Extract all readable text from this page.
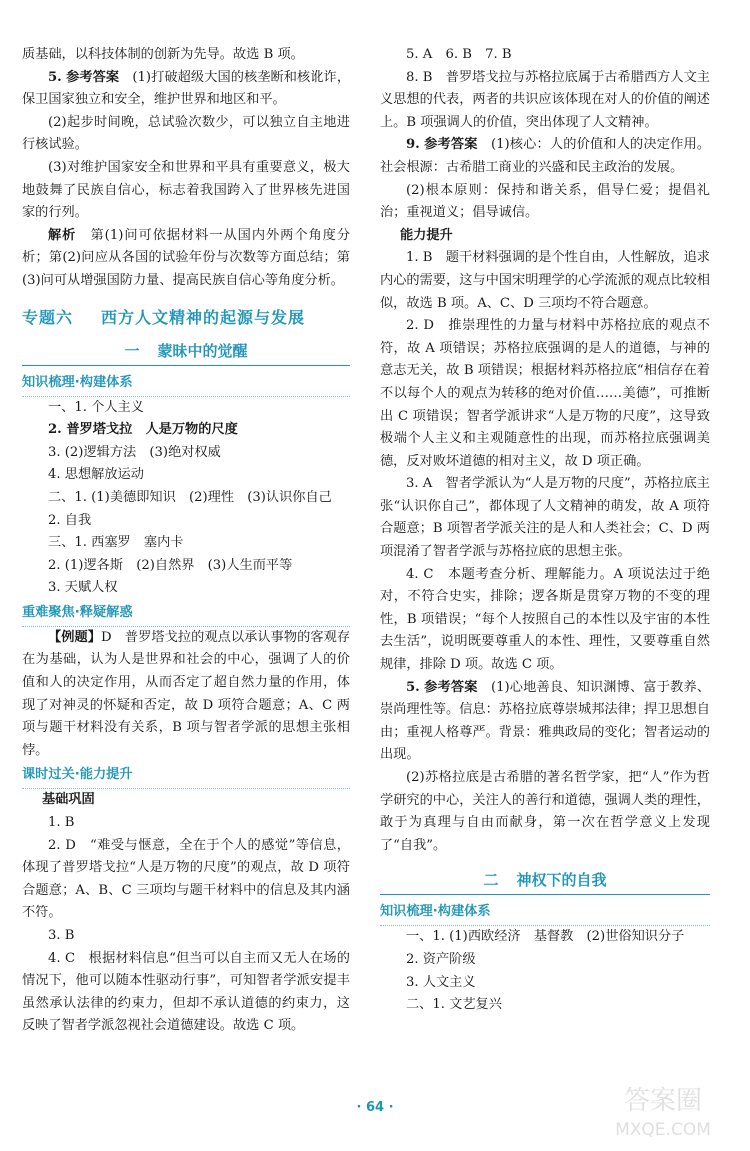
质基础，以科技体制的创新为先导。故选 B 项。

5. 参考答案　 (1)打破超级大国的核垄断和核讹诈，保卫国家独立和安全，维护世界和地区和平。

(2)起步时间晚，总试验次数少，可以独立自主地进行核试验。

(3)对维护国家安全和世界和平具有重要意义，极大地鼓舞了民族自信心，标志着我国跨入了世界核先进国家的行列。

解析　 第(1)问可依据材料一从国内外两个角度分析；第(2)问应从各国的试验年份与次数等方面总结；第(3)问可从增强国防力量、提高民族自信心等角度分析。

专题六 西方人文精神的起源与发展
一 蒙昧中的觉醒
知识梳理·构建体系

一、1. 个人主义

2. 普罗塔戈拉　人是万物的尺度

3. (2)逻辑方法　(3)绝对权威

4. 思想解放运动

二、1. (1)美德即知识　(2)理性　(3)认识你自己

2. 自我

三、1. 西塞罗　塞内卡

2. (1)逻各斯　(2)自然界　(3)人生而平等

3. 天赋人权

重难聚焦·释疑解惑

【例题】D　普罗塔戈拉的观点以承认事物的客观存在为基础，认为人是世界和社会的中心，强调了人的价值和人的决定作用，从而否定了超自然力量的作用，体现了对神灵的怀疑和否定，故 D 项符合题意；A、C 两项与题干材料没有关系，B 项与智者学派的思想主张相悖。

课时过关·能力提升

基础巩固

1. B

2. D　“难受与惬意，全在于个人的感觉”等信息，体现了普罗塔戈拉“人是万物的尺度”的观点，故 D 项符合题意；A、B、C 三项均与题干材料中的信息及其内涵不符。

3. B

4. C　根据材料信息“但当可以自主而又无人在场的情况下，他可以随本性驱动行事”，可知智者学派安提丰虽然承认法律的约束力，但却不承认道德的约束力，这反映了智者学派忽视社会道德建设。故选 C 项。

5. A　6. B　7. B

8. B　普罗塔戈拉与苏格拉底属于古希腊西方人文主义思想的代表，两者的共识应该体现在对人的价值的阐述上。B 项强调人的价值，突出体现了人文精神。

9. 参考答案　 (1)核心：人的价值和人的决定作用。社会根源：古希腊工商业的兴盛和民主政治的发展。

(2)根本原则：保持和谐关系，倡导仁爱；提倡礼治；重视道义；倡导诚信。

能力提升

1. B　题干材料强调的是个性自由，人性解放，追求内心的需要，这与中国宋明理学的心学流派的观点比较相似，故选 B 项。A、C、D 三项均不符合题意。

2. D　推崇理性的力量与材料中苏格拉底的观点不符，故 A 项错误；苏格拉底强调的是人的道德，与神的意志无关，故 B 项错误；根据材料苏格拉底“相信存在着不以每个人的观点为转移的绝对价值……美德”，可推断出 C 项错误；智者学派讲求“人是万物的尺度”，这导致极端个人主义和主观随意性的出现，而苏格拉底强调美德，反对败坏道德的相对主义，故 D 项正确。

3. A　智者学派认为“人是万物的尺度”，苏格拉底主张“认识你自己”，都体现了人文精神的萌发，故 A 项符合题意；B 项智者学派关注的是人和人类社会；C、D 两项混淆了智者学派与苏格拉底的思想主张。

4. C　本题考查分析、理解能力。A 项说法过于绝对，不符合史实，排除；逻各斯是贯穿万物的不变的理性，B 项错误；“每个人按照自己的本性以及宇宙的本性去生活”，说明既要尊重人的本性、理性，又要尊重自然规律，排除 D 项。故选 C 项。

5. 参考答案　 (1)心地善良、知识渊博、富于教养、崇尚理性等。信息：苏格拉底尊崇城邦法律；捍卫思想自由；重视人格尊严。背景：雅典政局的变化；智者运动的出现。

(2)苏格拉底是古希腊的著名哲学家，把“人”作为哲学研究的中心，关注人的善行和道德，强调人类的理性，敢于为真理与自由而献身，第一次在哲学意义上发现了“自我”。

二 神权下的自我
知识梳理·构建体系

一、1. (1)西欧经济　基督教　(2)世俗知识分子

2. 资产阶级

3. 人文主义

二、1. 文艺复兴

· 64 ·	答案圈
MXQE.COM
